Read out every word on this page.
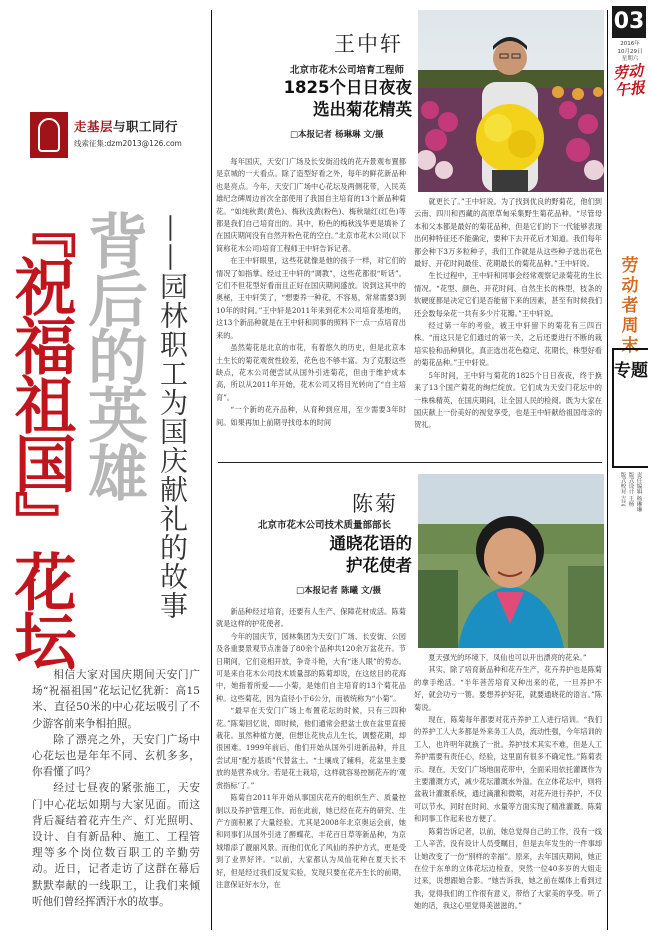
03
2016年
10月29日
星期六
劳动午报
劳动者周末
专题
责任编辑 杨琳琳
版式设计 王杨
版式校对 吉芸
走基层与职工同行
线索征集:dzm2013@126.com
『祝福祖国』花坛 背后的英雄 ——园林职工为国庆献礼的故事

相信大家对国庆期间天安门广场“祝福祖国”花坛记忆犹新：高15米、直径50米的中心花坛吸引了不少游客前来争相拍照。

除了漂亮之外，天安门广场中心花坛也是年年不同、玄机多多，你看懂了吗？

经过七昼夜的紧张施工，天安门中心花坛如期与大家见面。而这背后凝结着花卉生产、灯光照明、设计、自有新品种、施工、工程管理等多个岗位数百职工的辛勤劳动。近日，记者走访了这群在幕后默默奉献的一线职工，让我们来倾听他们曾经挥洒汗水的故事。

王中轩
北京市花木公司培育工程师
1825个日日夜夜
选出菊花精英
□本报记者 杨琳琳 文/摄

每年国庆，天安门广场及长安街沿线的花卉景观布置都是京城的一大看点。除了造型好看之外，每年的鲜花新品种也是亮点。今年，天安门广场中心花坛及两侧花带，入民英雄纪念碑周边首次全部使用了我国自主培育的13个新品种菊花。“如纯秋黄(黄色)、梅秋浅黄(粉色)、梅秋瑞红(红色)等都是我们自己培育出的。其中，粉色的梅秋浅华更是填补了在国庆期间没有自然开粉色花的空白。”北京市花木公司(以下简称花木公司)培育工程师王中轩告诉记者。

在王中轩眼里，这些花就像是他的孩子一样，对它们的情况了如指掌。经过王中轩的“调教”，这些花都很“听话”。它们不但花型好看而且正好在国庆期间盛放。说到这其中的奥秘，王中轩笑了，“想要养一种花，不容易，常常需要3到10年的时间。”王中轩是2011年来到花木公司培育基地的，这13个新品种就是在王中轩和同事的照料下一点一点培育出来的。

虽然菊花是北京的市花，有着悠久的历史，但是北京本土生长的菊花观赏性较差，花色也不够丰富。为了克服这些缺点，花木公司便尝试从国外引进菊花，但由于维护成本高，所以从2011年开始，花木公司又将目光转向了“自主培育”。

“一个新的花卉品种，从育种到应用，至少需要3年时间。如果再加上前期寻找母本的时间

就更长了。”王中轩说。为了找到优良的野菊花，他们到云南、四川和西藏的高原草甸采集野生菊花品种。“尽管母本和父本都是最好的菊花品种，但是它们的下一代能够表现出何种特征还不能确定，要种下去开花后才知道。我们每年都会种下3万多粒种子，我们工作就是从这些种子选出花色最好、开花时间最佳、花期最长的菊花品种。”王中轩说。

生长过程中，王中轩和同事会经常观察记录菊花的生长情况。“花型、颜色、开花时间、自然生长的株型，枝条的软硬度都是决定它们是否能留下来的因素，甚至有时候我们还会数每朵花一共有多少片花瓣。”王中轩说。

经过第一年的考验，被王中轩留下的菊花有三四百株。“而这只是它们通过的第一关，之后还要进行不断的栽培实验和品种驯化，真正选出花色稳定、花期长，株型好看的菊花品种。”王中轩说。

5年时间，王中轩与菊花的1825个日日夜夜，终于换来了13个国产菊花的绚烂绽放。它们成为天安门花坛中的一株株精英，在国庆期间，让全国人民的检阅。既为大家在国庆献上一份美好的视觉享受，也是王中轩献给祖国母亲的贺礼。

陈菊
北京市花木公司技术质量部部长
通晓花语的
护花使者
□本报记者 陈曦 文/摄

新品种经过培育，还要有人生产、保障花材成活。陈菊就是这样的护花使者。

今年的国庆节，园林集团为天安门广场、长安街、公园及各重要景观节点准备了80余个品种共120余万盆花卉。节日期间，它们竞相开放，争奇斗艳，大有“迷人眼”的势态。可是来自花木公司技术质量部的陈菊却说，在这炫目的花海中，她指着所爱——小菊，是她们自主培育的13个菊花品种。这些菊花，因为直径小于6公分，而被统称为“小菊”。

“最早在天安门广场上布置花坛的时候，只有三四种花。”陈菊回忆说，即时候，他们通常会把盆土放在盆里直接栽花。虽然种植方便，但想让花快点儿生长，调整花期，却很困难。1999年前后，他们开始从国外引进新品种，并且尝试用“配方基质”代替盆土。“土壤成了辅料，花盆里主要放的是营养成分。若是花土栽培，这样就容易控制花卉的‘观赏指标’了。”

陈菊自2011年开始从事国庆花卉的组织生产、质量控制以及养护管理工作。而在此前，她已经在花卉的研究、生产方面积累了大量经验。尤其是2008年北京奥运会前，她和同事们从国外引进了醉蝶花、丰花百日草等新品种，为京城增添了靓丽风景。而他们优化了风仙的养护方式，更是受到了业界好评。“以前，大家都认为凤仙花种在夏天长不好，但是经过我们反复实验，发现只要在花卉生长的前期，注意保证好水分，在

夏天强光的环境下，凤仙也可以开出漂亮的花朵。”

其实，除了培育新品种和花卉生产，花卉养护也是陈菊的拿手绝活。“半年菩苦培育又种出来的花，一旦养护不好，就会功亏一篑。要想养护好花，就要通晓花的语言。”陈菊说。

现在，陈菊每年都要对花卉养护工人进行培训。“我们的养护工人大多都是外来务工人员，流动性强，今年培训的工人，也许明年就换了一批。养护技术其实不难，但是人工养护需要有责任心，经验，这里面有很多不确定性。”陈菊表示。现在，天安门广场地面花带中，全面采用依托灌溉作为主要灌溉方式，减少花坛灌溉水外溢。在立体花坛中，则将盆栽计灌溉系统，通过滴灌和微喷，对花卉进行养护，不仅可以节水，同时在时间、水量等方面实现了精准灌溉。陈菊和同事工作起来也方便了。

陈菊告诉记者，以前，她总觉得自己的工作，没有一线工人辛苦，没有设计人员受瞩目，但是去年发生的一件事却让她改变了一份“别样的幸福”。原来，去年国庆期间，她正在位于东单的立体花坛边检查，突然一位40多岁的大姐走过来，说想跟她合影。“她告诉我，她之前在媒体上看到过我，觉得我们的工作很有意义，带给了大家美的享受。听了她的话，我这心里觉得美滋滋的。”
